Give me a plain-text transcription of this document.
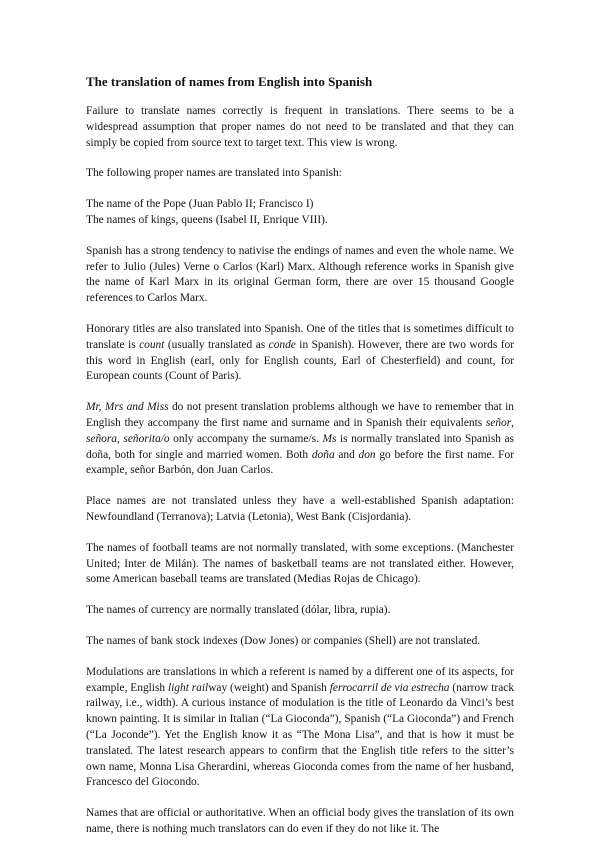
The translation of names from English into Spanish

Failure to translate names correctly is frequent in translations. There seems to be a widespread assumption that proper names do not need to be translated and that they can simply be copied from source text to target text. This view is wrong.

The following proper names are translated into Spanish:

The name of the Pope (Juan Pablo II; Francisco I)
The names of kings, queens (Isabel II, Enrique VIII).

Spanish has a strong tendency to nativise the endings of names and even the whole name. We refer to Julio (Jules) Verne o Carlos (Karl) Marx. Although reference works in Spanish give the name of Karl Marx in its original German form, there are over 15 thousand Google references to Carlos Marx.

Honorary titles are also translated into Spanish. One of the titles that is sometimes difficult to translate is count (usually translated as conde in Spanish). However, there are two words for this word in English (earl, only for English counts, Earl of Chesterfield) and count, for European counts (Count of Paris).

Mr, Mrs and Miss do not present translation problems although we have to remember that in English they accompany the first name and surname and in Spanish their equivalents señor, señora, señorita/o only accompany the surname/s. Ms is normally translated into Spanish as doña, both for single and married women. Both doña and don go before the first name. For example, señor Barbón, don Juan Carlos.

Place names are not translated unless they have a well-established Spanish adaptation: Newfoundland (Terranova); Latvia (Letonia), West Bank (Cisjordania).

The names of football teams are not normally translated, with some exceptions. (Manchester United; Inter de Milán). The names of basketball teams are not translated either. However, some American baseball teams are translated (Medias Rojas de Chicago).

The names of currency are normally translated (dólar, libra, rupia).

The names of bank stock indexes (Dow Jones) or companies (Shell) are not translated.

Modulations are translations in which a referent is named by a different one of its aspects, for example, English light railway (weight) and Spanish ferrocarril de via estrecha (narrow track railway, i.e., width). A curious instance of modulation is the title of Leonardo da Vinci’s best known painting. It is similar in Italian (“La Gioconda”), Spanish (“La Gioconda”) and French (“La Joconde”). Yet the English know it as “The Mona Lisa”, and that is how it must be translated. The latest research appears to confirm that the English title refers to the sitter’s own name, Monna Lisa Gherardini, whereas Gioconda comes from the name of her husband, Francesco del Giocondo.

Names that are official or authoritative. When an official body gives the translation of its own name, there is nothing much translators can do even if they do not like it. The
